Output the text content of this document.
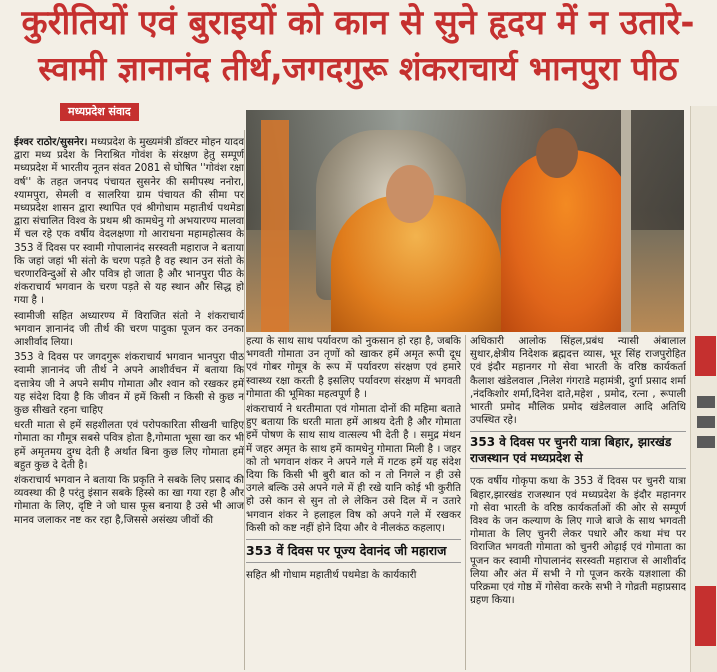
कुरीतियों एवं बुराइयों को कान से सुने हृदय में न उतारे-
स्वामी ज्ञानानंद तीर्थ,जगदगुरू शंकराचार्य भानपुरा पीठ
मध्यप्रदेश संवाद

ईश्वर राठोर/सुसनेर। मध्यप्रदेश के मुख्यमंत्री डॉक्टर मोहन यादव द्वारा मध्य प्रदेश के निराश्रित गोवंश के संरक्षण हेतु सम्पूर्ण मध्यप्रदेश में भारतीय नूतन संवत 2081 से घोषित ''गोवंश रक्षा वर्ष'' के तहत जनपद पंचायत सुसनेर की समीपस्थ ननोरा, श्यामपुरा, सेमली व सालरिया ग्राम पंचायत की सीमा पर मध्यप्रदेश शासन द्वारा स्थापित एवं श्रीगोधाम महातीर्थ पथमेडा द्वारा संचालित विश्व के प्रथम श्री कामधेनु गो अभयारण्य मालवा में चल रहे एक वर्षीय वेदलक्षणा गो आराधना महामहोत्सव के 353 वें दिवस पर स्वामी गोपालानंद सरस्वती महाराज ने बताया कि जहां जहां भी संतो के चरण पड़ते है वह स्थान उन संतो के चरणारविन्दुओं से और पवित्र हो जाता है और भानपुरा पीठ के शंकराचार्य भगवान के चरण पड़ते से यह स्थान और सिद्ध हो गया है ।

स्वामीजी सहित अध्यारण्य में विराजित संतो ने शंकराचार्य भगवान ज्ञानानंद जी तीर्थ की चरण पादुका पूजन कर उनका आशीर्वाद लिया।

353 वे दिवस पर जगदगुरू शंकराचार्य भगवान भानपुरा पीठ स्वामी ज्ञानानंद जी तीर्थ ने अपने आशीर्वचन में बताया कि दत्तात्रेय जी ने अपने समीप गोमाता और श्वान को रखकर हमें यह संदेश दिया है कि जीवन में हमें किसी न किसी से कुछ न कुछ सीखते रहना चाहिए

धरती माता से हमें सहशीलता एवं परोपकारिता सीखनी चाहिए गोमाता का गौमूत्र सबसे पवित्र होता है,गोमाता भूसा खा कर भी हमें अमृतमय दुग्ध देती है अर्थात बिना कुछ लिए गोमाता हमें बहुत कुछ दे देती है।

शंकराचार्य भगवान ने बताया कि प्रकृति ने सबके लिए प्रसाद की व्यवस्था की है परंतु इंसान सबके हिस्से का खा गया रहा है और गोमाता के लिए, दृष्टि ने जो घास फूस बनाया है उसे भी आज मानव जलाकर नष्ट कर रहा है,जिससे असंख्य जीवों की

हत्या के साथ साथ पर्यावरण को नुकसान हो रहा है, जबकि भगवती गोमाता उन तृणों को खाकर हमें अमृत रूपी दूध एवं गोबर गोमूत्र के रूप में पर्यावरण संरक्षण एवं हमारे स्वास्थ्य रक्षा करती है इसलिए पर्यावरण संरक्षण में भगवती गोमाता की भूमिका महत्वपूर्ण है ।

शंकराचार्य ने धरतीमाता एवं गोमाता दोनों की महिमा बताते हुए बताया कि धरती माता हमें आश्रय देती है और गोमाता हमें पोषण के साथ साथ वात्सल्य भी देती है । समुद्र मंथन में जहर अमृत के साथ हमें कामधेनु गोमाता मिली है । जहर को तो भगवान शंकर ने अपने गले में गटक हमें यह संदेश दिया कि किसी भी बुरी बात को न तो निगले न ही उसे उगले बल्कि उसे अपने गले में ही रखे यानि कोई भी कुरीति हो उसे कान से सुन तो ले लेकिन उसे दिल में न उतारे भगवान शंकर ने हलाहल विष को अपने गले में रखकर किसी को कष्ट नहीं होने दिया और वे नीलकंठ कहलाए।

353 वें दिवस पर पूज्य देवानंद जी महाराज

सहित श्री गोधाम महातीर्थ पथमेडा के कार्यकारी

अधिकारी आलोक सिंहल,प्रबंध न्यासी अंबालाल सुथार,क्षेत्रीय निदेशक ब्रह्मदत्त व्यास, भूर सिंह राजपुरोहित एवं इंदौर महानगर गो सेवा भारती के वरिष्ठ कार्यकर्ता कैलाश खंडेलवाल ,निलेश गंगराडे महामंत्री, दुर्गा प्रसाद शर्मा ,नंदकिशोर शर्मा,दिनेश दाते,महेश , प्रमोद, रत्ना , रूपाली भारती प्रमोद मौलिक प्रमोद खंडेलवाल आदि अतिथि उपस्थित रहे।

353 वे दिवस पर चुनरी यात्रा बिहार, झारखंड राजस्थान एवं मध्यप्रदेश से

एक वर्षीय गोकृपा कथा के 353 वें दिवस पर चुनरी यात्रा बिहार,झारखंड राजस्थान एवं मध्यप्रदेश के इंदौर महानगर गो सेवा भारती के वरिष्ठ कार्यकर्ताओं की ओर से सम्पूर्ण विश्व के जन कल्याण के लिए गाजे बाजे के साथ भगवती गोमाता के लिए चुनरी लेकर पधारे और कथा मंच पर विराजित भगवती गोमाता को चुनरी ओढ़ाई एवं गोमाता का पूजन कर स्वामी गोपालानंद सरस्वती महाराज से आशीर्वाद लिया और अंत में सभी ने गो पूजन करके यज्ञशाला की परिक्रमा एवं गोष्ठ में गोसेवा करके सभी ने गोव्रती महाप्रसाद ग्रहण किया।
